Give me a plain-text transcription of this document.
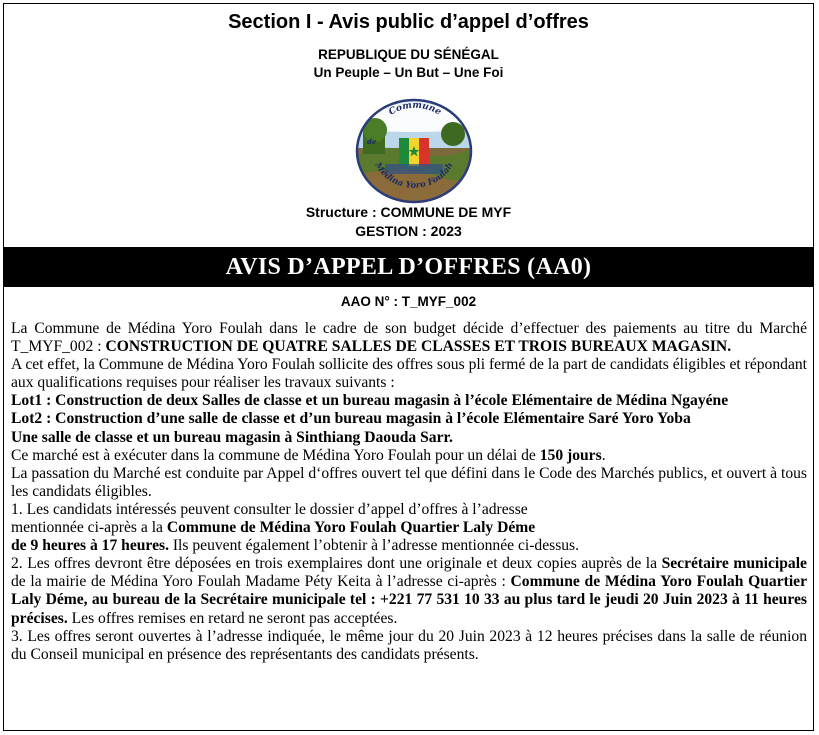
Section I - Avis public d’appel d’offres
REPUBLIQUE DU SÉNÉGAL
Un Peuple – Un But – Une Foi
Commune
de
Médina Yoro Foulah
Structure : COMMUNE DE MYF
GESTION : 2023
AVIS D’APPEL D’OFFRES (AA0)
AAO N° : T_MYF_002

La Commune de Médina Yoro Foulah dans le cadre de son budget décide d’effectuer des paiements au titre du Marché T_MYF_002 : CONSTRUCTION DE QUATRE SALLES DE CLASSES ET TROIS BUREAUX MAGASIN.

A cet effet, la Commune de Médina Yoro Foulah sollicite des offres sous pli fermé de la part de candidats éligibles et répondant aux qualifications requises pour réaliser les travaux suivants :

Lot1 : Construction de deux Salles de classe et un bureau magasin à l’école Elémentaire de Médina Ngayéne

Lot2 : Construction d’une salle de classe et d’un bureau magasin à l’école Elémentaire Saré Yoro Yoba

Une salle de classe et un bureau magasin à Sinthiang Daouda Sarr.

Ce marché est à exécuter dans la commune de Médina Yoro Foulah pour un délai de 150 jours.

La passation du Marché est conduite par Appel d‘offres ouvert tel que défini dans le Code des Marchés publics, et ouvert à tous les candidats éligibles.

1. Les candidats intéressés peuvent consulter le dossier d’appel d’offres à l’adresse

mentionnée ci-après a la Commune de Médina Yoro Foulah Quartier Laly Déme

de 9 heures à 17 heures. Ils peuvent également l’obtenir à l’adresse mentionnée ci-dessus.

2. Les offres devront être déposées en trois exemplaires dont une originale et deux copies auprès de la Secrétaire municipale de la mairie de Médina Yoro Foulah Madame Péty Keita à l’adresse ci-après : Commune de Médina Yoro Foulah Quartier Laly Déme, au bureau de la Secrétaire municipale tel : +221 77 531 10 33 au plus tard le jeudi 20 Juin 2023 à 11 heures précises. Les offres remises en retard ne seront pas acceptées.

3. Les offres seront ouvertes à l’adresse indiquée, le même jour du 20 Juin 2023 à 12 heures précises dans la salle de réunion du Conseil municipal en présence des représentants des candidats présents.
